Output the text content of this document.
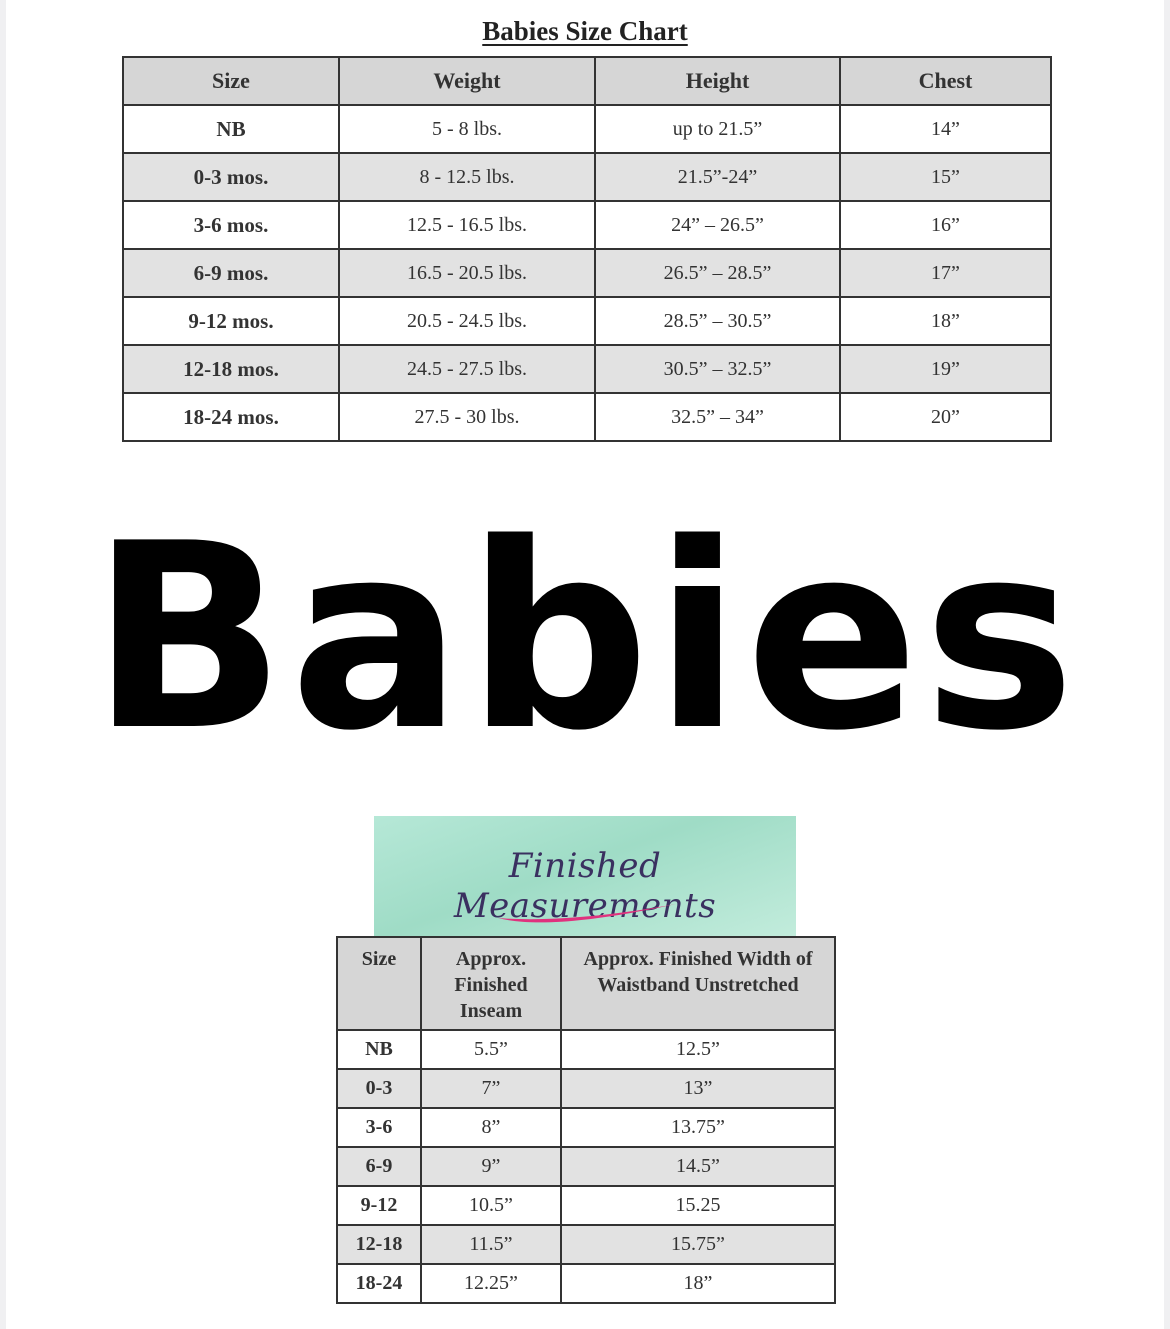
Babies Size Chart
Size	Weight	Height	Chest
NB	5 - 8 lbs.	up to 21.5”	14”
0-3 mos.	8 - 12.5 lbs.	21.5”-24”	15”
3-6 mos.	12.5 - 16.5 lbs.	24” – 26.5”	16”
6-9 mos.	16.5 - 20.5 lbs.	26.5” – 28.5”	17”
9-12 mos.	20.5 - 24.5 lbs.	28.5” – 30.5”	18”
12-18 mos.	24.5 - 27.5 lbs.	30.5” – 32.5”	19”
18-24 mos.	27.5 - 30 lbs.	32.5” – 34”	20”
Babies
Finished Measurements
Size	Approx. Finished Inseam	Approx. Finished Width of Waistband Unstretched
NB	5.5”	12.5”
0-3	7”	13”
3-6	8”	13.75”
6-9	9”	14.5”
9-12	10.5”	15.25
12-18	11.5”	15.75”
18-24	12.25”	18”
